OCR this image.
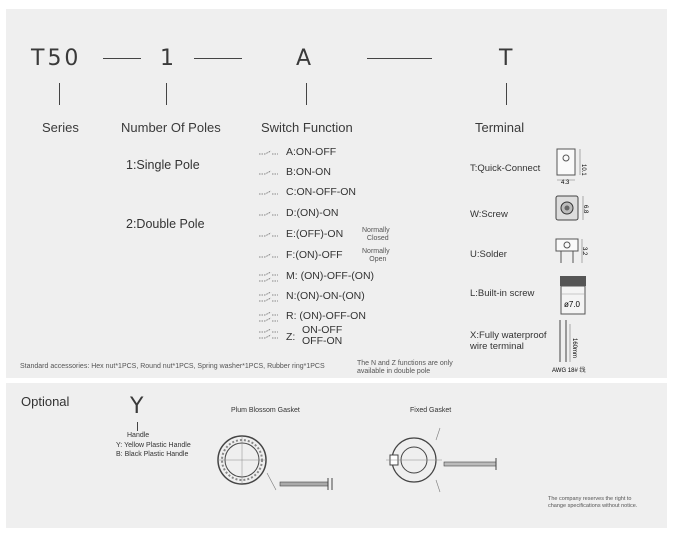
T50	1	A	T
Series	Number Of Poles	Switch Function	Terminal
1:Single Pole
2:Double Pole
A:ON-OFF
B:ON-ON
C:ON-OFF-ON
D:(ON)-ON
E:(OFF)-ON
F:(ON)-OFF
M: (ON)-OFF-(ON)
N:(ON)-ON-(ON)
R: (ON)-OFF-ON
Z:
ON-OFF
OFF-ON
Normally
Closed
Normally
Open
The N and Z functions are only
available in double pole
Standard accessories: Hex nut*1PCS, Round nut*1PCS, Spring washer*1PCS, Rubber ring*1PCS
T:Quick-Connect
W:Screw
U:Solder
L:Built-in screw
X:Fully waterproof
wire terminal
10.1
4.3
6.8
3.2
ø7.0
160mm
AWG 18# 线
Optional	Y
Handle
Y: Yellow Plastic Handle
B: Black Plastic Handle
Plum Blossom Gasket	Fixed Gasket
The company reserves the right to
change specifications without notice.
